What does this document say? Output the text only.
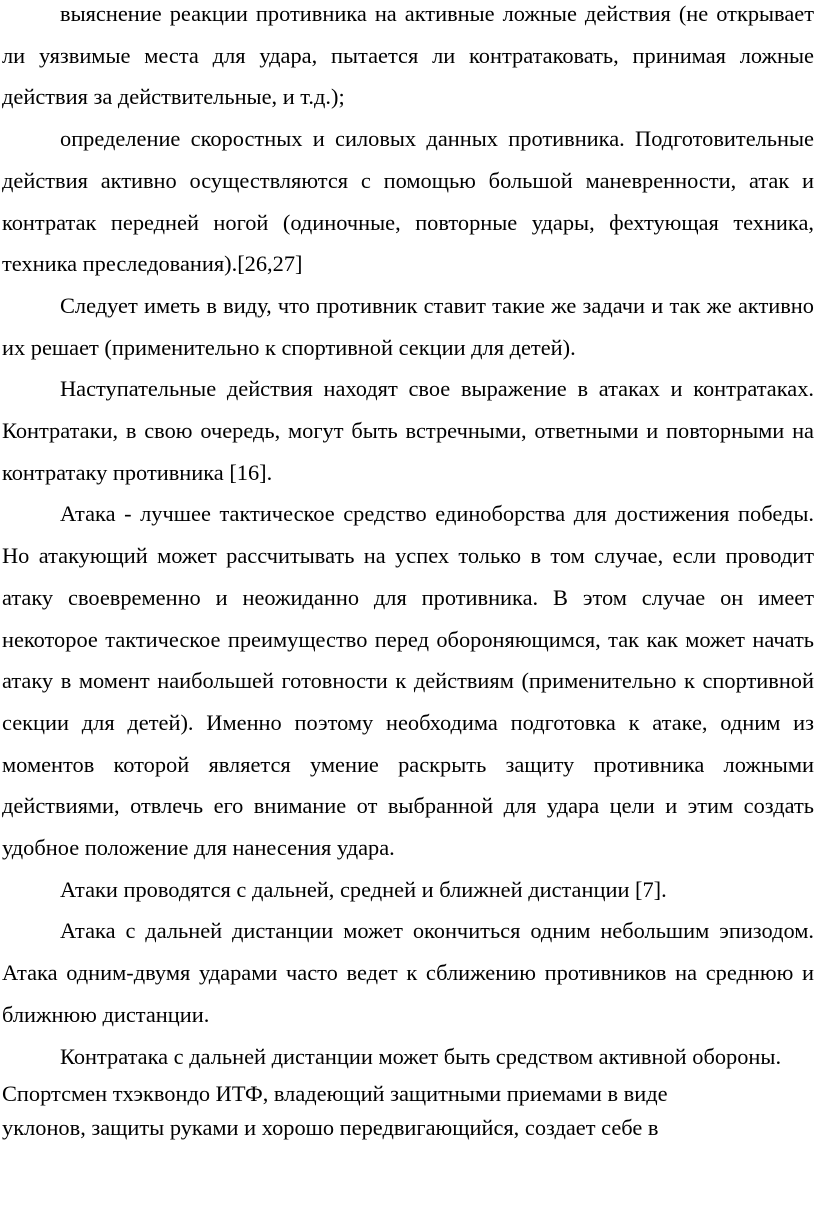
выяснение реакции противника на активные ложные действия (не открывает ли уязвимые места для удара, пытается ли контратаковать, принимая ложные действия за действительные, и т.д.);

определение скоростных и силовых данных противника. Подготовительные действия активно осуществляются с помощью большой маневренности, атак и контратак передней ногой (одиночные, повторные удары, фехтующая техника, техника преследования).[26,27]

Следует иметь в виду, что противник ставит такие же задачи и так же активно их решает (применительно к спортивной секции для детей).

Наступательные действия находят свое выражение в атаках и контратаках. Контратаки, в свою очередь, могут быть встречными, ответными и повторными на контратаку противника [16].

Атака - лучшее тактическое средство единоборства для достижения победы. Но атакующий может рассчитывать на успех только в том случае, если проводит атаку своевременно и неожиданно для противника. В этом случае он имеет некоторое тактическое преимущество перед обороняющимся, так как может начать атаку в момент наибольшей готовности к действиям (применительно к спортивной секции для детей). Именно поэтому необходима подготовка к атаке, одним из моментов которой является умение раскрыть защиту противника ложными действиями, отвлечь его внимание от выбранной для удара цели и этим создать удобное положение для нанесения удара.

Атаки проводятся с дальней, средней и ближней дистанции [7].

Атака с дальней дистанции может окончиться одним небольшим эпизодом. Атака одним-двумя ударами часто ведет к сближению противников на среднюю и ближнюю дистанции.

Контратака с дальней дистанции может быть средством активной обороны.

Спортсмен тхэквондо ИТФ, владеющий защитными приемами в виде уклонов, защиты руками и хорошо передвигающийся, создает себе в
